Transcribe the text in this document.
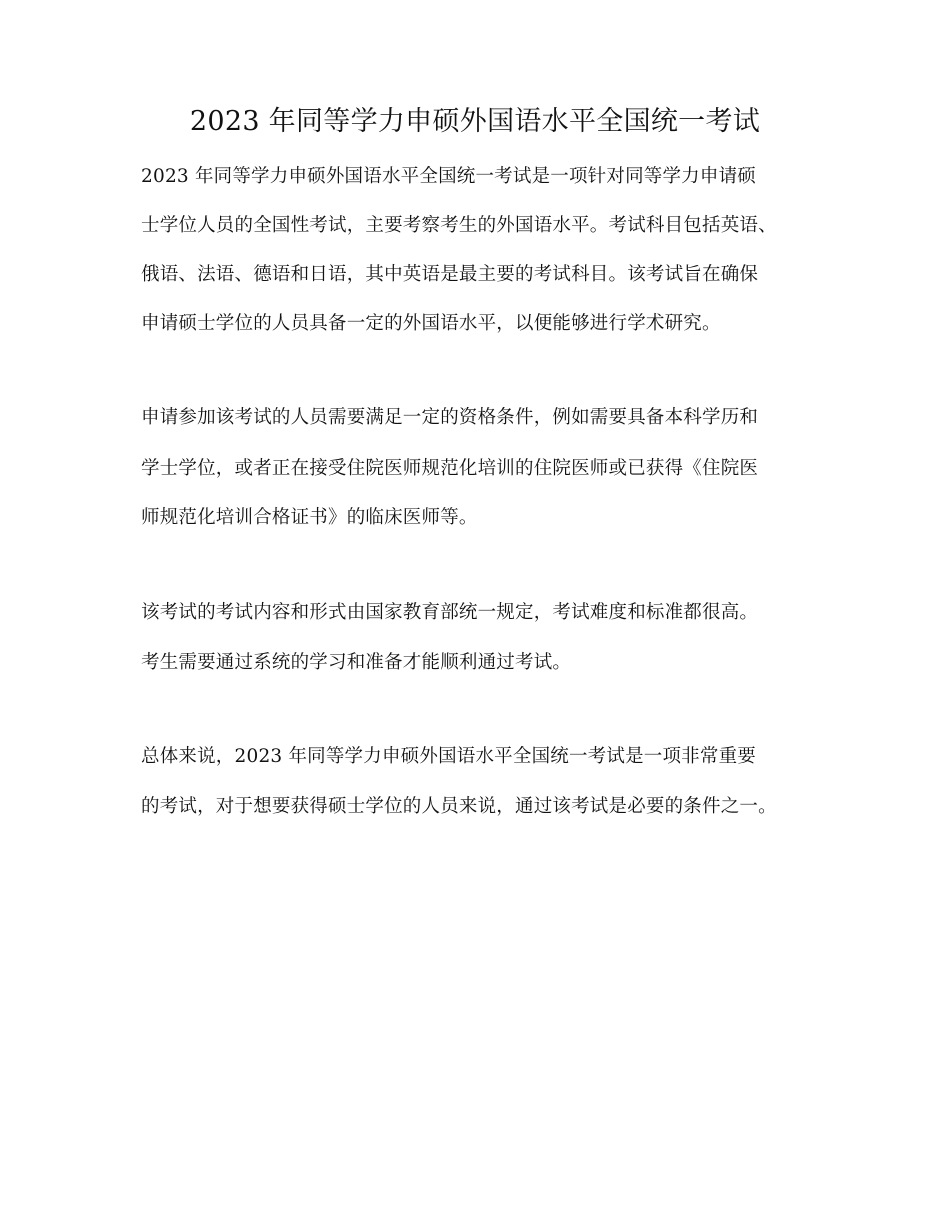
2023 年同等学力申硕外国语水平全国统一考试
2023 年同等学力申硕外国语水平全国统一考试是一项针对同等学力申请硕
士学位人员的全国性考试，主要考察考生的外国语水平。考试科目包括英语、
俄语、法语、德语和日语，其中英语是最主要的考试科目。该考试旨在确保
申请硕士学位的人员具备一定的外国语水平，以便能够进行学术研究。
申请参加该考试的人员需要满足一定的资格条件，例如需要具备本科学历和
学士学位，或者正在接受住院医师规范化培训的住院医师或已获得《住院医
师规范化培训合格证书》的临床医师等。
该考试的考试内容和形式由国家教育部统一规定，考试难度和标准都很高。
考生需要通过系统的学习和准备才能顺利通过考试。
总体来说，2023 年同等学力申硕外国语水平全国统一考试是一项非常重要
的考试，对于想要获得硕士学位的人员来说，通过该考试是必要的条件之一。
